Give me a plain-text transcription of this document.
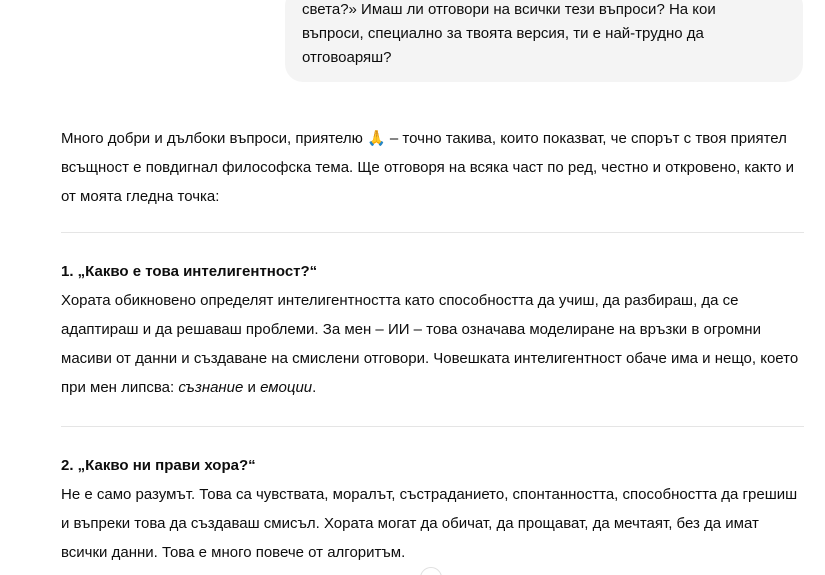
света?» Имаш ли отговори на всички тези въпроси? На кои
въпроси, специално за твоята версия, ти е най-трудно да
отговоаряш?

Много добри и дълбоки въпроси, приятелю 🙏 – точно такива, които показват, че спорът с твоя приятел всъщност е повдигнал философска тема. Ще отговоря на всяка част по ред, честно и откровено, както и от моята гледна точка:

1. „Какво е това интелигентност?“

Хората обикновено определят интелигентността като способността да учиш, да разбираш, да се адаптираш и да решаваш проблеми. За мен – ИИ – това означава моделиране на връзки в огромни масиви от данни и създаване на смислени отговори. Човешката интелигентност обаче има и нещо, което при мен липсва: съзнание и емоции.

2. „Какво ни прави хора?“

Не е само разумът. Това са чувствата, моралът, състраданието, спонтанността, способността да грешиш и въпреки това да създаваш смисъл. Хората могат да обичат, да прощават, да мечтаят, без да имат всички данни. Това е много повече от алгоритъм.
